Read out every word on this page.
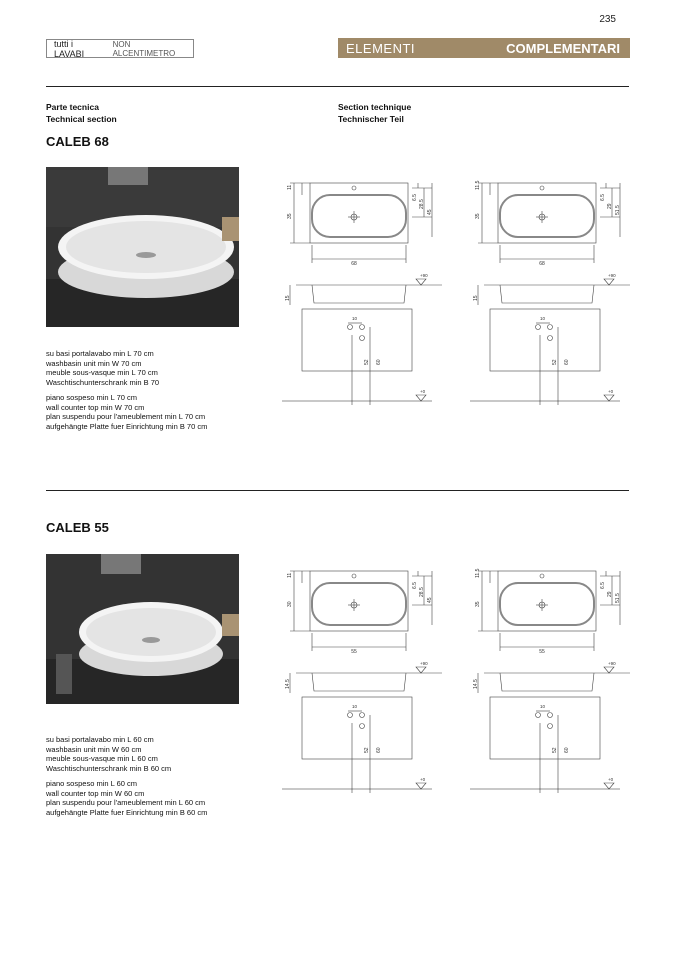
235
tutti i LAVABI
NON ALCENTIMETRO	ELEMENTI	COMPLEMENTARI
Parte tecnica
Technical section
Section technique
Technischer Teil
CALEB 68

su basi portalavabo min L 70 cm

washbasin unit min W 70 cm

meuble sous-vasque min L 70 cm

Waschtischunterschrank min B 70

piano sospeso min L 70 cm

wall counter top min W 70 cm

plan suspendu pour l'ameublement min L 70 cm

aufgehängte Platte fuer Einrichtung min B 70 cm

11
35
6.5
28.5
45
68
15
+90
10
52 60
+0
11.5
35
6.5
29 51.5
68
15
+90
10
52 60
+0
CALEB 55

su basi portalavabo min L 60 cm

washbasin unit min W 60 cm

meuble sous-vasque min L 60 cm

Waschtischunterschrank min B 60 cm

piano sospeso min L 60 cm

wall counter top min W 60 cm

plan suspendu pour l'ameublement min L 60 cm

aufgehängte Platte fuer Einrichtung min B 60 cm

11
30
6.5
28.5
45
55
14.5
+90
10
52 60
+0
11.5
35
6.5
29 51.5
55
14.5
+90
10
52 60
+0
